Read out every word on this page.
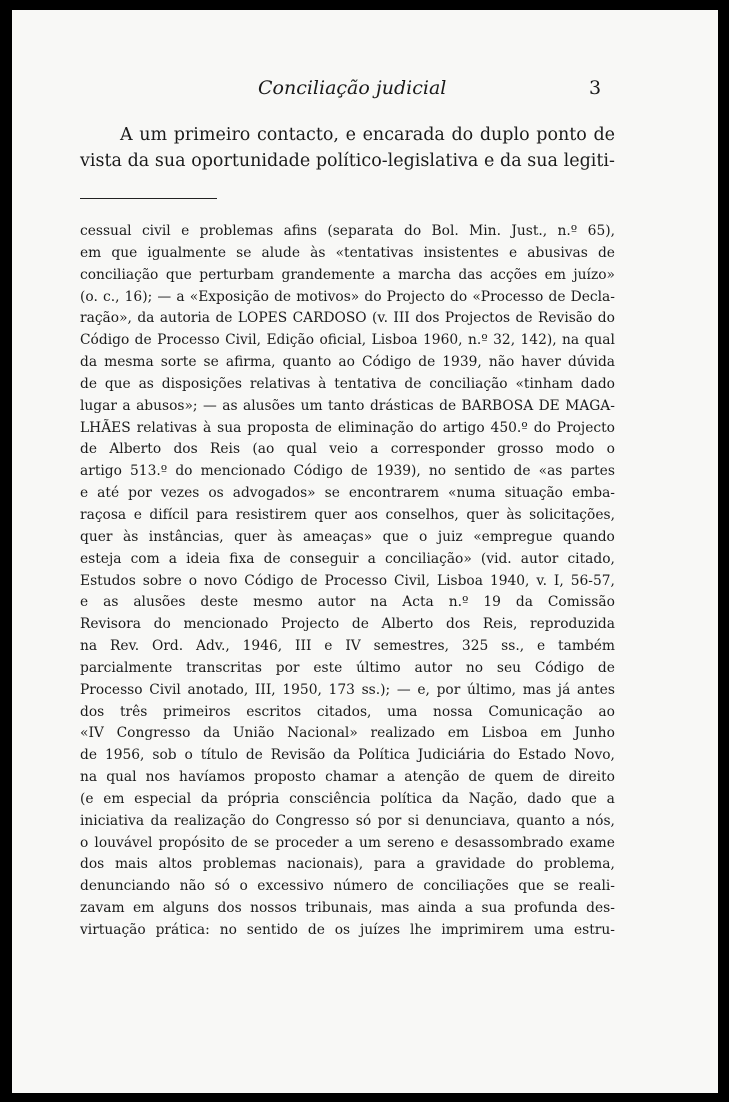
Conciliação judicial	3
A um primeiro contacto, e encarada do duplo ponto de
vista da sua oportunidade político-legislativa e da sua legiti-
cessual civil e problemas afins (separata do Bol. Min. Just., n.º 65),
em que igualmente se alude às «tentativas insistentes e abusivas de
conciliação que perturbam grandemente a marcha das acções em juízo»
(o. c., 16); — a «Exposição de motivos» do Projecto do «Processo de Decla-
ração», da autoria de LOPES CARDOSO (v. III dos Projectos de Revisão do
Código de Processo Civil, Edição oficial, Lisboa 1960, n.º 32, 142), na qual
da mesma sorte se afirma, quanto ao Código de 1939, não haver dúvida
de que as disposições relativas à tentativa de conciliação «tinham dado
lugar a abusos»; — as alusões um tanto drásticas de BARBOSA DE MAGA-
LHÃES relativas à sua proposta de eliminação do artigo 450.º do Projecto
de Alberto dos Reis (ao qual veio a corresponder grosso modo o
artigo 513.º do mencionado Código de 1939), no sentido de «as partes
e até por vezes os advogados» se encontrarem «numa situação emba-
raçosa e difícil para resistirem quer aos conselhos, quer às solicitações,
quer às instâncias, quer às ameaças» que o juiz «empregue quando
esteja com a ideia fixa de conseguir a conciliação» (vid. autor citado,
Estudos sobre o novo Código de Processo Civil, Lisboa 1940, v. I, 56-57,
e as alusões deste mesmo autor na Acta n.º 19 da Comissão
Revisora do mencionado Projecto de Alberto dos Reis, reproduzida
na Rev. Ord. Adv., 1946, III e IV semestres, 325 ss., e também
parcialmente transcritas por este último autor no seu Código de
Processo Civil anotado, III, 1950, 173 ss.); — e, por último, mas já antes
dos três primeiros escritos citados, uma nossa Comunicação ao
«IV Congresso da União Nacional» realizado em Lisboa em Junho
de 1956, sob o título de Revisão da Política Judiciária do Estado Novo,
na qual nos havíamos proposto chamar a atenção de quem de direito
(e em especial da própria consciência política da Nação, dado que a
iniciativa da realização do Congresso só por si denunciava, quanto a nós,
o louvável propósito de se proceder a um sereno e desassombrado exame
dos mais altos problemas nacionais), para a gravidade do problema,
denunciando não só o excessivo número de conciliações que se reali-
zavam em alguns dos nossos tribunais, mas ainda a sua profunda des-
virtuação prática: no sentido de os juízes lhe imprimirem uma estru-
